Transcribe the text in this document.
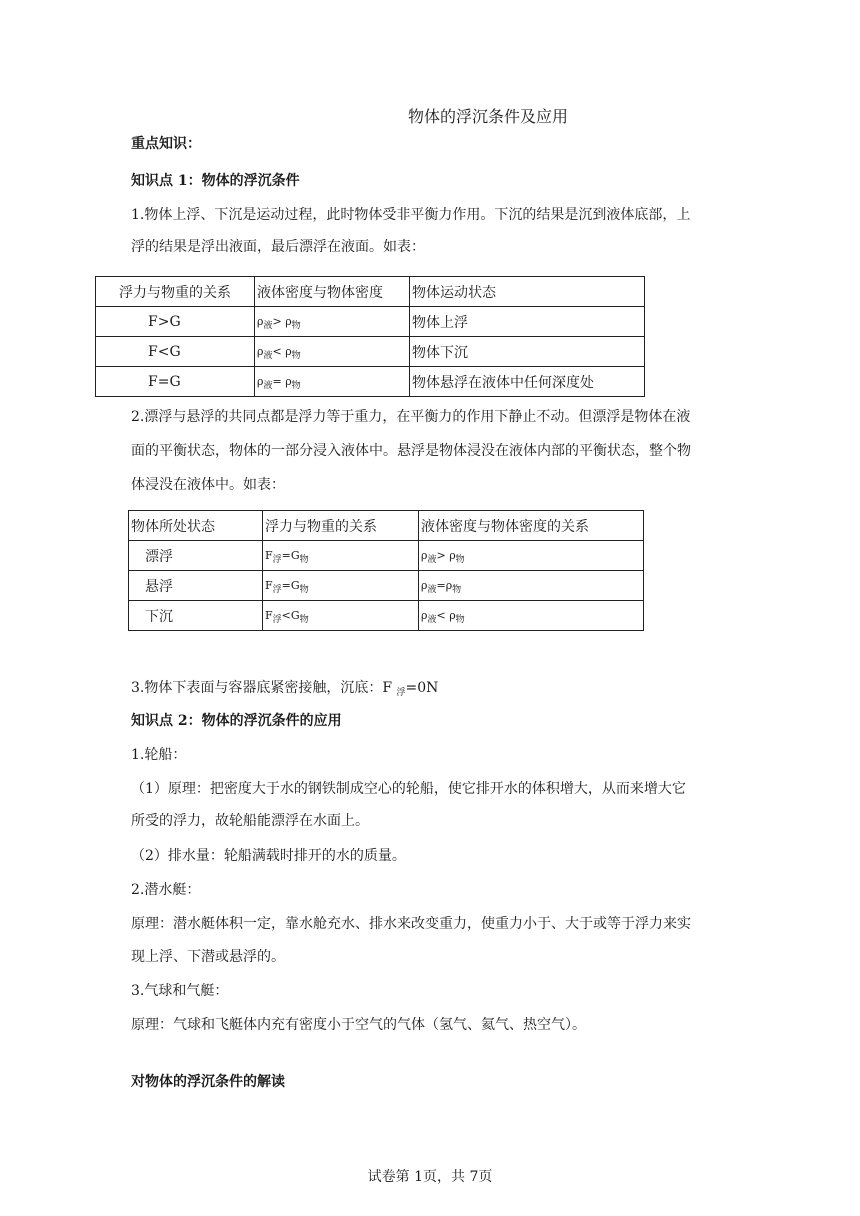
物体的浮沉条件及应用
重点知识：
知识点 1：物体的浮沉条件
1.物体上浮、下沉是运动过程，此时物体受非平衡力作用。下沉的结果是沉到液体底部，上
浮的结果是浮出液面，最后漂浮在液面。如表：
浮力与物重的关系	液体密度与物体密度	物体运动状态
F>G	$\rho_液> \rho_物$	物体上浮
F<G	$\rho_液< \rho_物$	物体下沉
F=G	$\rho_液= \rho_物$	物体悬浮在液体中任何深度处
2.漂浮与悬浮的共同点都是浮力等于重力，在平衡力的作用下静止不动。但漂浮是物体在液
面的平衡状态，物体的一部分浸入液体中。悬浮是物体浸没在液体内部的平衡状态，整个物
体浸没在液体中。如表：
物体所处状态	浮力与物重的关系	液体密度与物体密度的关系
漂浮	$F_浮=G_物$	$\rho_液> \rho_物$
悬浮	$F_浮=G_物$	$\rho_液=\rho_物$
下沉	$F_浮<G_物$	$\rho_液< \rho_物$
3.物体下表面与容器底紧密接触，沉底：F $_浮$=0N
知识点 2：物体的浮沉条件的应用
1.轮船：
（1）原理：把密度大于水的钢铁制成空心的轮船，使它排开水的体积增大，从而来增大它
所受的浮力，故轮船能漂浮在水面上。
（2）排水量：轮船满载时排开的水的质量。
2.潜水艇：
原理：潜水艇体积一定，靠水舱充水、排水来改变重力，使重力小于、大于或等于浮力来实
现上浮、下潜或悬浮的。
3.气球和气艇：
原理：气球和飞艇体内充有密度小于空气的气体（氢气、氦气、热空气）。
对物体的浮沉条件的解读
试卷第 1页，共 7页
